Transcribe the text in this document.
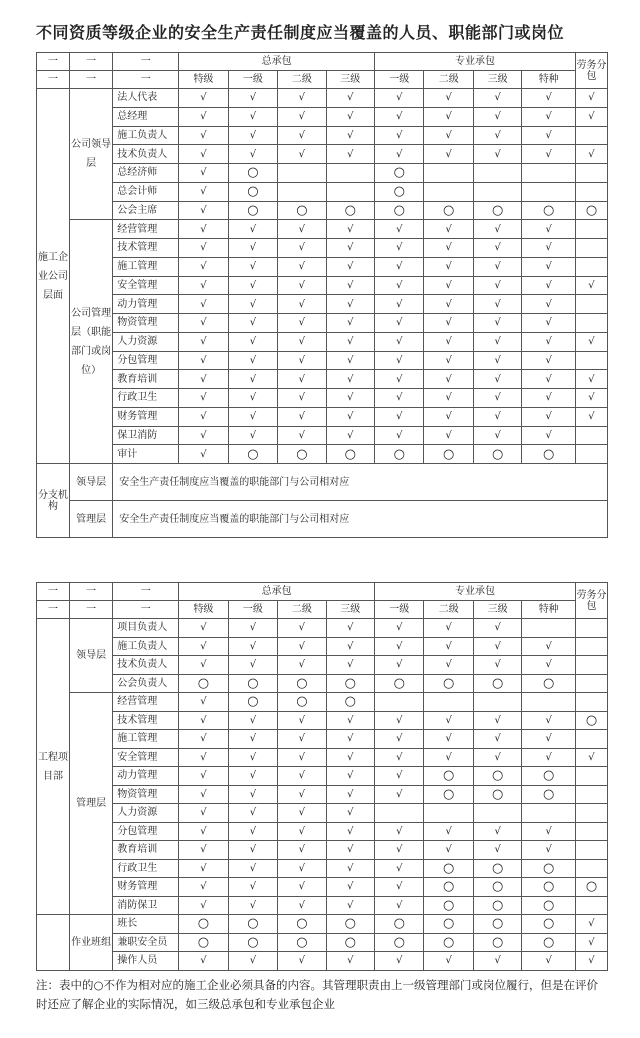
不同资质等级企业的安全生产责任制度应当覆盖的人员、职能部门或岗位
一	一	一	总承包				专业承包				劳务分包
一	一	一	特级	一级	二级	三级	一级	二级	三级	特种	
施工企业公司层面	公司领导层	法人代表	√	√	√	√	√	√	√	√	√
		总经理	√	√	√	√	√	√	√	√	√
		施工负责人	√	√	√	√	√	√	√	√	
		技术负责人	√	√	√	√	√	√	√	√	√
		总经济师	√	○			○				
		总会计师	√	○			○				
		公会主席	√	○	○	○	○	○	○	○	○
	公司管理层（职能部门或岗位）	经营管理	√	√	√	√	√	√	√	√	
		技术管理	√	√	√	√	√	√	√	√	
		施工管理	√	√	√	√	√	√	√	√	
		安全管理	√	√	√	√	√	√	√	√	√
		动力管理	√	√	√	√	√	√	√	√	
		物资管理	√	√	√	√	√	√	√	√	
		人力资源	√	√	√	√	√	√	√	√	√
		分包管理	√	√	√	√	√	√	√	√	
		教育培训	√	√	√	√	√	√	√	√	√
		行政卫生	√	√	√	√	√	√	√	√	√
		财务管理	√	√	√	√	√	√	√	√	√
		保卫消防	√	√	√	√	√	√	√	√	
		审计	√	○	○	○	○	○	○	○	
分支机构	领导层	安全生产责任制度应当覆盖的职能部门与公司相对应									
	管理层	安全生产责任制度应当覆盖的职能部门与公司相对应									
一	一	一	总承包				专业承包				劳务分包
一	一	一	特级	一级	二级	三级	一级	二级	三级	特种	
工程项目部	领导层	项目负责人	√	√	√	√	√	√	√		
		施工负责人	√	√	√	√	√	√	√	√	
		技术负责人	√	√	√	√	√	√	√	√	
		公会负责人	○	○	○	○	○	○	○	○	
	管理层	经营管理	√	○	○	○					
		技术管理	√	√	√	√	√	√	√	√	○
		施工管理	√	√	√	√	√	√	√	√	
		安全管理	√	√	√	√	√	√	√	√	√
		动力管理	√	√	√	√	√	○	○	○	
		物资管理	√	√	√	√	√	○	○	○	
		人力资源	√	√	√	√					
		分包管理	√	√	√	√	√	√	√	√	
		教育培训	√	√	√	√	√	√	√	√	
		行政卫生	√	√	√	√	√	○	○	○	
		财务管理	√	√	√	√	√	○	○	○	○
		消防保卫	√	√	√	√	√	○	○	○	
	作业班组	班长	○	○	○	○	○	○	○	○	√
		兼职安全员	○	○	○	○	○	○	○	○	√
		操作人员	√	√	√	√	√	√	√	√	√
注：表中的○不作为相对应的施工企业必须具备的内容。其管理职责由上一级管理部门或岗位履行，但是在评价时还应了解企业的实际情况，如三级总承包和专业承包企业
